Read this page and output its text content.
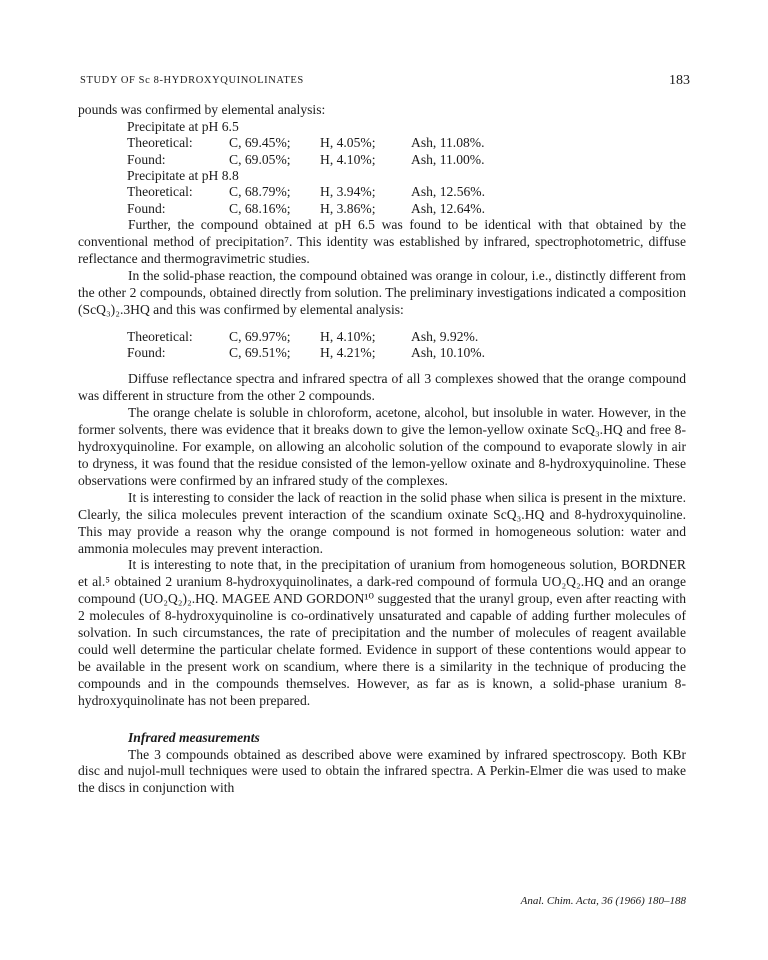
STUDY OF Sc 8-HYDROXYQUINOLINATES	183

pounds was confirmed by elemental analysis:

Precipitate at pH 6.5
Theoretical:	C, 69.45%;	H, 4.05%;	Ash, 11.08%.
Found:	C, 69.05%;	H, 4.10%;	Ash, 11.00%.
Precipitate at pH 8.8
Theoretical:	C, 68.79%;	H, 3.94%;	Ash, 12.56%.
Found:	C, 68.16%;	H, 3.86%;	Ash, 12.64%.

Further, the compound obtained at pH 6.5 was found to be identical with that obtained by the conventional method of precipitation⁷. This identity was established by infrared, spectrophotometric, diffuse reflectance and thermogravimetric studies.

In the solid-phase reaction, the compound obtained was orange in colour, i.e., distinctly different from the other 2 compounds, obtained directly from solution. The preliminary investigations indicated a composition (ScQ₃)₂.3HQ and this was confirmed by elemental analysis:

Theoretical:	C, 69.97%;	H, 4.10%;	Ash, 9.92%.
Found:	C, 69.51%;	H, 4.21%;	Ash, 10.10%.

Diffuse reflectance spectra and infrared spectra of all 3 complexes showed that the orange compound was different in structure from the other 2 compounds.

The orange chelate is soluble in chloroform, acetone, alcohol, but insoluble in water. However, in the former solvents, there was evidence that it breaks down to give the lemon-yellow oxinate ScQ₃.HQ and free 8-hydroxyquinoline. For example, on allowing an alcoholic solution of the compound to evaporate slowly in air to dryness, it was found that the residue consisted of the lemon-yellow oxinate and 8-hydroxyquinoline. These observations were confirmed by an infrared study of the complexes.

It is interesting to consider the lack of reaction in the solid phase when silica is present in the mixture. Clearly, the silica molecules prevent interaction of the scandium oxinate ScQ₃.HQ and 8-hydroxyquinoline. This may provide a reason why the orange compound is not formed in homogeneous solution: water and ammonia molecules may prevent interaction.

It is interesting to note that, in the precipitation of uranium from homogeneous solution, BORDNER et al.⁵ obtained 2 uranium 8-hydroxyquinolinates, a dark-red compound of formula UO₂Q₂.HQ and an orange compound (UO₂Q₂)₂.HQ. MAGEE AND GORDON¹⁰ suggested that the uranyl group, even after reacting with 2 molecules of 8-hydroxyquinoline is co-ordinatively unsaturated and capable of adding further molecules of solvation. In such circumstances, the rate of precipitation and the number of molecules of reagent available could well determine the particular chelate formed. Evidence in support of these contentions would appear to be available in the present work on scandium, where there is a similarity in the technique of producing the compounds and in the compounds themselves. However, as far as is known, a solid-phase uranium 8-hydroxyquinolinate has not been prepared.

Infrared measurements

The 3 compounds obtained as described above were examined by infrared spectroscopy. Both KBr disc and nujol-mull techniques were used to obtain the infrared spectra. A Perkin-Elmer die was used to make the discs in conjunction with

Anal. Chim. Acta, 36 (1966) 180–188
